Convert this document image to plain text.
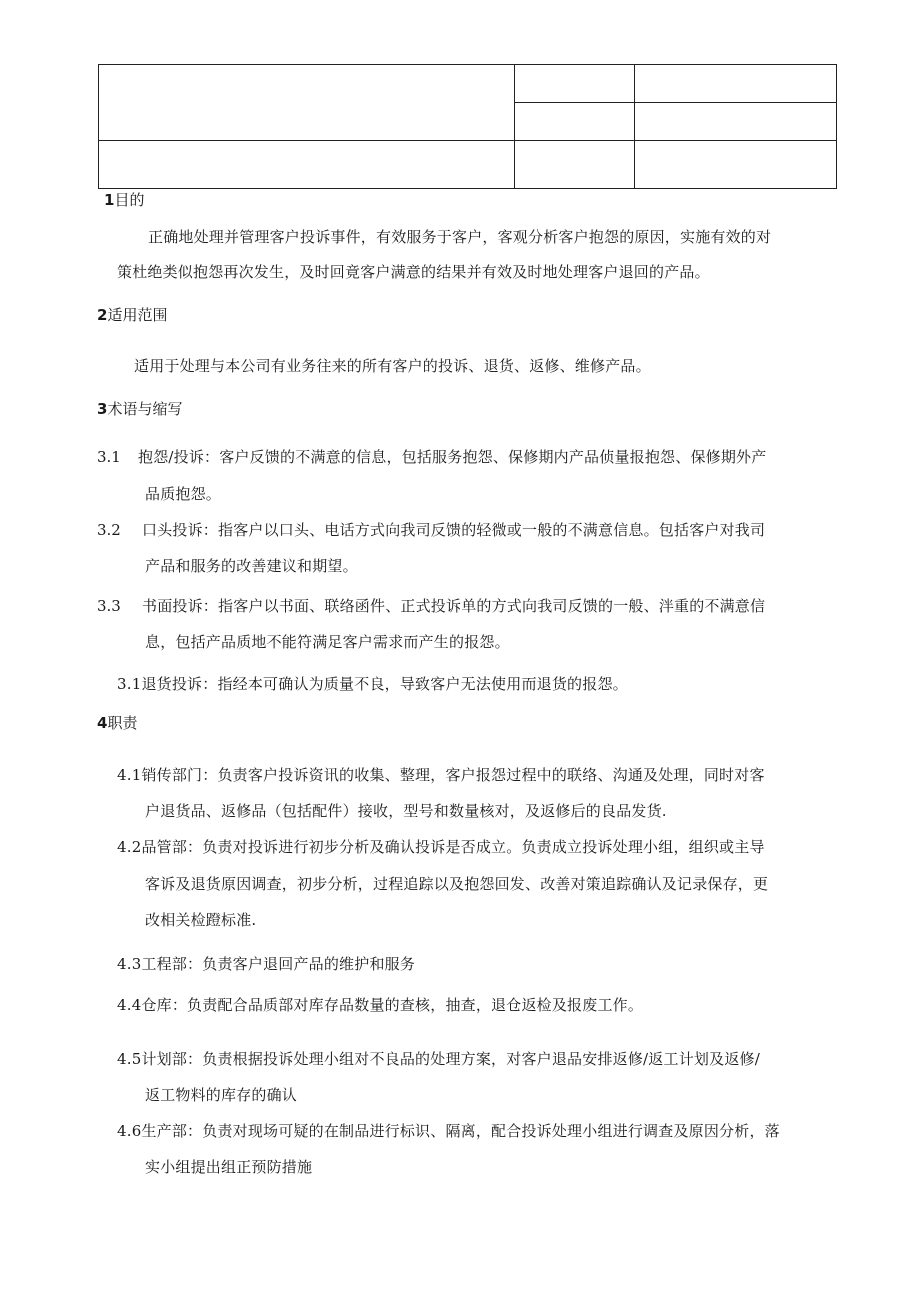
1目的
正确地处理并管理客户投诉事件，有效服务于客户，客观分析客户抱怨的原因，实施有效的对
策杜绝类似抱怨再次发生，及时回竟客户满意的结果并有效及时地处理客户退回的产品。
2适用范围
适用于处理与本公司有业务往来的所有客户的投诉、退货、返修、维修产品。
3术语与缩写
3.1 抱怨/投诉：客户反馈的不满意的信息，包括服务抱怨、保修期内产品侦量报抱怨、保修期外产
品质抱怨。
3.2 口头投诉：指客户以口头、电话方式向我司反馈的轻微或一般的不满意信息。包括客户对我司
产品和服务的改善建议和期望。
3.3 书面投诉：指客户以书面、联络函件、正式投诉单的方式向我司反馈的一般、泮重的不满意信
息，包括产品质地不能符满足客户需求而产生的报怨。
3.1退货投诉：指经本可确认为质量不良，导致客户无法使用而退货的报怨。
4职责
4.1销传部门：负责客户投诉资讯的收集、整理，客户报怨过程中的联络、沟通及处理，同时对客
户退货品、返修品（包括配件）接收，型号和数量核对，及返修后的良品发货.
4.2品管部：负责对投诉进行初步分析及确认投诉是否成立。负责成立投诉处理小组，组织或主导
客诉及退货原因调查，初步分析，过程追踪以及抱怨回发、改善对策追踪确认及记录保存，更
改相关检蹬标准.
4.3工程部：负责客户退回产品的维护和服务
4.4仓库：负责配合品质部对库存品数量的查核，抽查，退仓返检及报废工作。
4.5计划部：负责根据投诉处理小组对不良品的处理方案，对客户退品安排返修/返工计划及返修/
返工物料的库存的确认
4.6生产部：负责对现场可疑的在制品进行标识、隔离，配合投诉处理小组进行调查及原因分析，落
实小组提出组正预防措施
